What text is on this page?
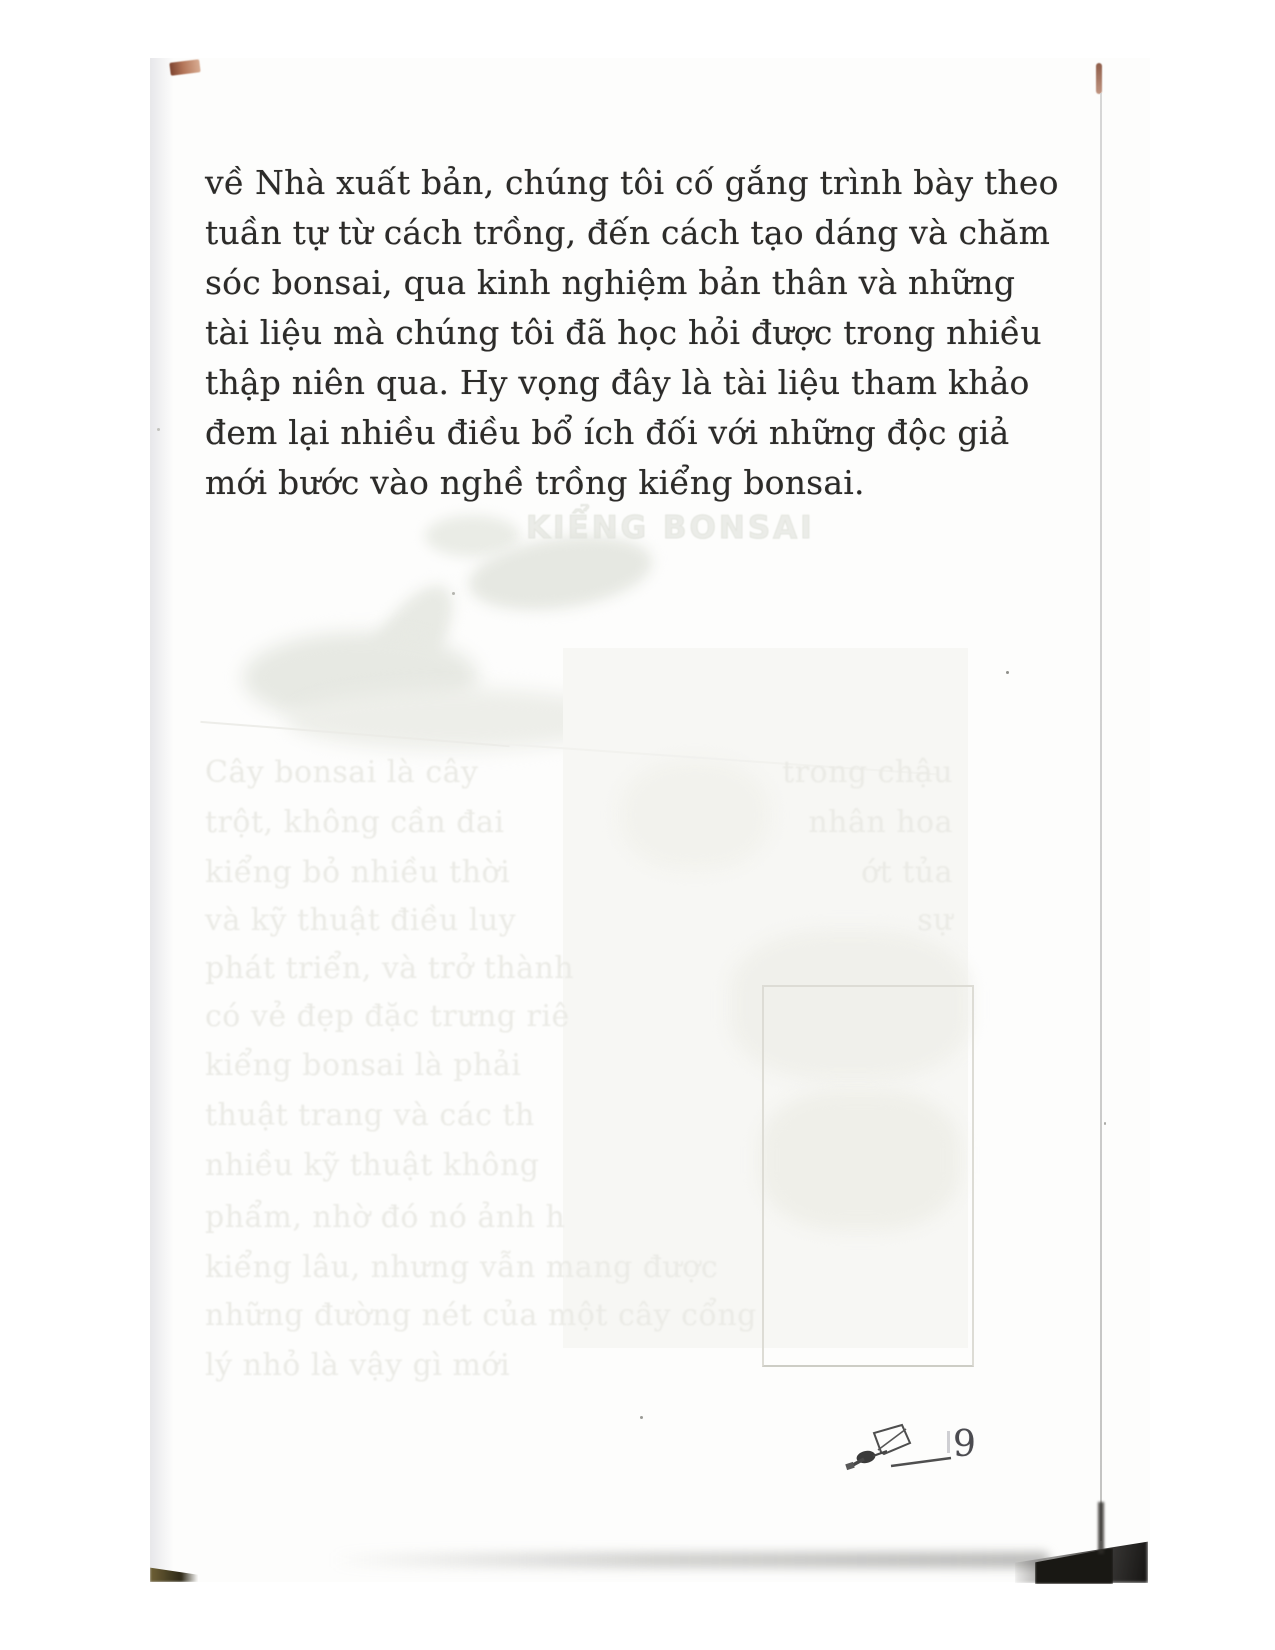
KIỂNG BONSAI
Cây bonsai là cây	trong chậu
trột, không cần đai	nhân hoa
kiểng bỏ nhiều thời	ớt tủa
và kỹ thuật điều luy	sự
phát triển, và trở thành
có vẻ đẹp đặc trưng riê
kiểng bonsai là phải
thuật trang và các th
nhiều kỹ thuật không
phẩm, nhờ đó nó ảnh h
kiểng lâu, nhưng vẫn mang được
những đường nét của một cây cổng
lý nhỏ là vậy gì mới
về Nhà xuất bản, chúng tôi cố gắng trình bày theo
tuần tự từ cách trồng, đến cách tạo dáng và chăm
sóc bonsai, qua kinh nghiệm bản thân và những
tài liệu mà chúng tôi đã học hỏi được trong nhiều
thập niên qua. Hy vọng đây là tài liệu tham khảo
đem lại nhiều điều bổ ích đối với những độc giả
mới bước vào nghề trồng kiểng bonsai.
9
